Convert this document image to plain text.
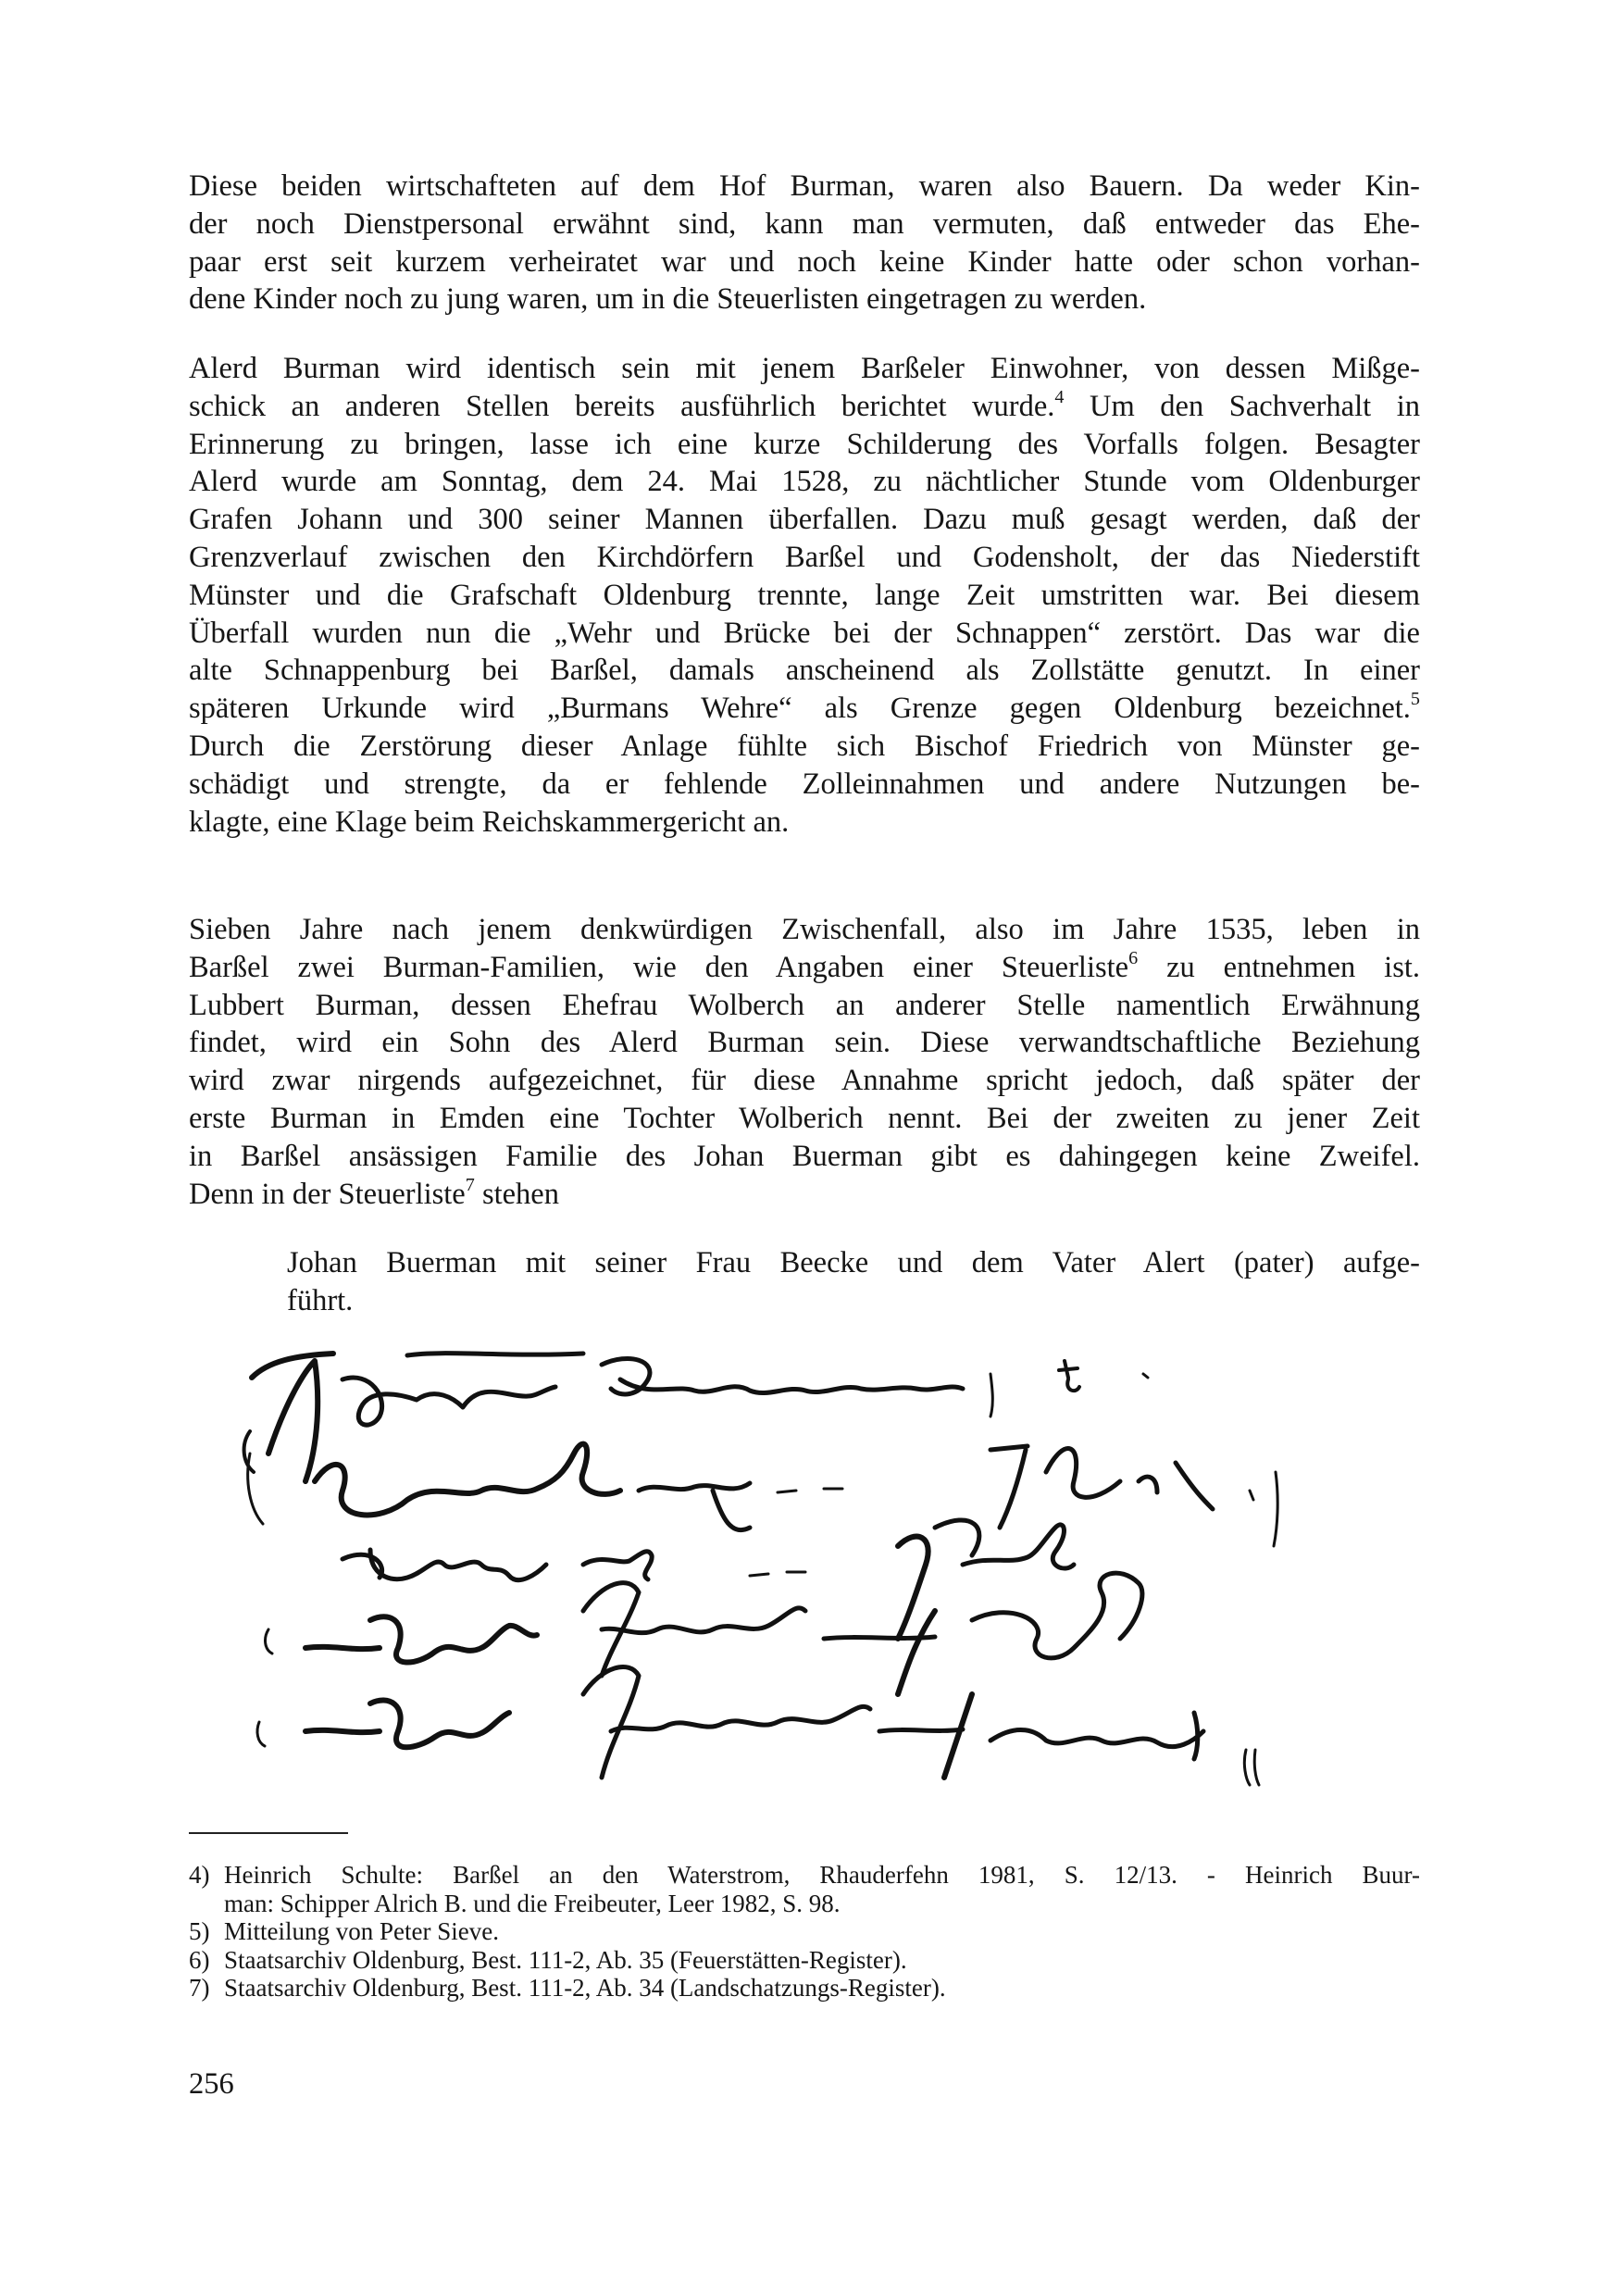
Diese beiden wirtschafteten auf dem Hof Burman, waren also Bauern. Da weder Kin-
der noch Dienstpersonal erwähnt sind, kann man vermuten, daß entweder das Ehe-
paar erst seit kurzem verheiratet war und noch keine Kinder hatte oder schon vorhan-
dene Kinder noch zu jung waren, um in die Steuerlisten eingetragen zu werden.

Alerd Burman wird identisch sein mit jenem Barßeler Einwohner, von dessen Mißge-
schick an anderen Stellen bereits ausführlich berichtet wurde.$^4$ Um den Sachverhalt in
Erinnerung zu bringen, lasse ich eine kurze Schilderung des Vorfalls folgen. Besagter
Alerd wurde am Sonntag, dem 24. Mai 1528, zu nächtlicher Stunde vom Oldenburger
Grafen Johann und 300 seiner Mannen überfallen. Dazu muß gesagt werden, daß der
Grenzverlauf zwischen den Kirchdörfern Barßel und Godensholt, der das Niederstift
Münster und die Grafschaft Oldenburg trennte, lange Zeit umstritten war. Bei diesem
Überfall wurden nun die „Wehr und Brücke bei der Schnappen“ zerstört. Das war die
alte Schnappenburg bei Barßel, damals anscheinend als Zollstätte genutzt. In einer
späteren Urkunde wird „Burmans Wehre“ als Grenze gegen Oldenburg bezeichnet.$^5$
Durch die Zerstörung dieser Anlage fühlte sich Bischof Friedrich von Münster ge-
schädigt und strengte, da er fehlende Zolleinnahmen und andere Nutzungen be-
klagte, eine Klage beim Reichskammergericht an.

Sieben Jahre nach jenem denkwürdigen Zwischenfall, also im Jahre 1535, leben in
Barßel zwei Burman-Familien, wie den Angaben einer Steuerliste$^6$ zu entnehmen ist.
Lubbert Burman, dessen Ehefrau Wolberch an anderer Stelle namentlich Erwähnung
findet, wird ein Sohn des Alerd Burman sein. Diese verwandtschaftliche Beziehung
wird zwar nirgends aufgezeichnet, für diese Annahme spricht jedoch, daß später der
erste Burman in Emden eine Tochter Wolberich nennt. Bei der zweiten zu jener Zeit
in Barßel ansässigen Familie des Johan Buerman gibt es dahingegen keine Zweifel.
Denn in der Steuerliste$^7$ stehen

Johan Buerman mit seiner Frau Beecke und dem Vater Alert (pater) aufge-
führt.

4) Heinrich Schulte: Barßel an den Waterstrom, Rhauderfehn 1981, S. 12/13. - Heinrich Buur-
man: Schipper Alrich B. und die Freibeuter, Leer 1982, S. 98.
5) Mitteilung von Peter Sieve.
6) Staatsarchiv Oldenburg, Best. 111-2, Ab. 35 (Feuerstätten-Register).
7) Staatsarchiv Oldenburg, Best. 111-2, Ab. 34 (Landschatzungs-Register).

256
